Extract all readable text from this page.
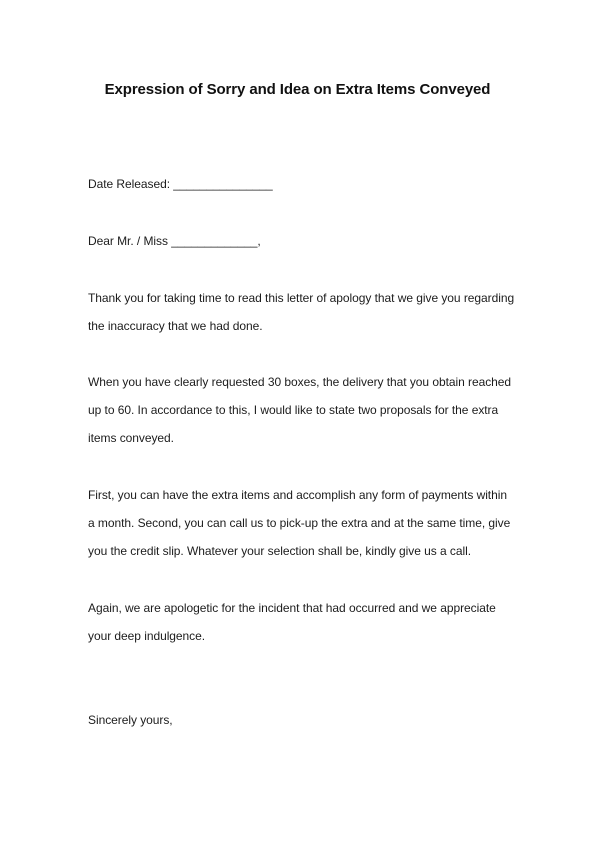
Expression of Sorry and Idea on Extra Items Conveyed
Date Released: _______________
Dear Mr. / Miss _____________,
Thank you for taking time to read this letter of apology that we give you regarding
the inaccuracy that we had done.
When you have clearly requested 30 boxes, the delivery that you obtain reached
up to 60. In accordance to this, I would like to state two proposals for the extra
items conveyed.
First, you can have the extra items and accomplish any form of payments within
a month. Second, you can call us to pick-up the extra and at the same time, give
you the credit slip. Whatever your selection shall be, kindly give us a call.
Again, we are apologetic for the incident that had occurred and we appreciate
your deep indulgence.
Sincerely yours,
